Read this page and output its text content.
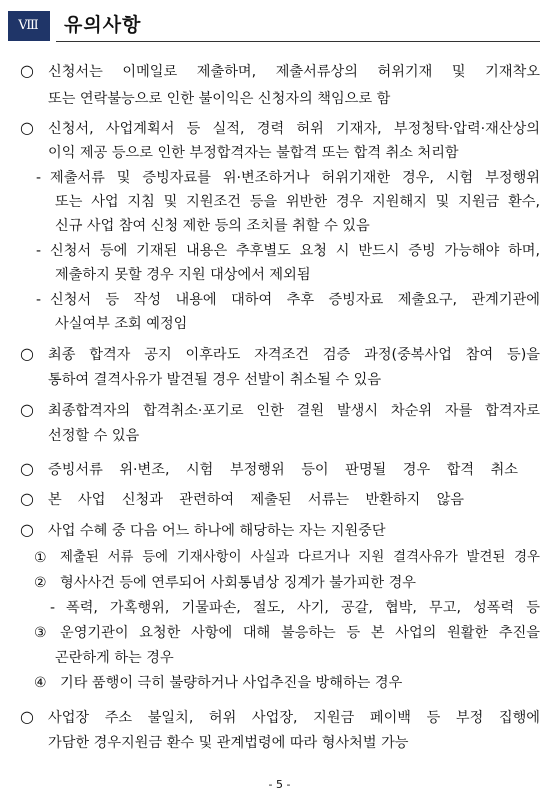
Ⅷ	유의사항
○ 신청서는 이메일로 제출하며, 제출서류상의 허위기재 및 기재착오
또는 연락불능으로 인한 불이익은 신청자의 책임으로 함
○ 신청서, 사업계획서 등 실적, 경력 허위 기재자, 부정청탁·압력·재산상의
이익 제공 등으로 인한 부정합격자는 불합격 또는 합격 취소 처리함
- 제출서류 및 증빙자료를 위·변조하거나 허위기재한 경우, 시험 부정행위
또는 사업 지침 및 지원조건 등을 위반한 경우 지원해지 및 지원금 환수,
신규 사업 참여 신청 제한 등의 조치를 취할 수 있음
- 신청서 등에 기재된 내용은 추후별도 요청 시 반드시 증빙 가능해야 하며,
제출하지 못할 경우 지원 대상에서 제외됨
- 신청서 등 작성 내용에 대하여 추후 증빙자료 제출요구, 관계기관에
사실여부 조회 예정임
○ 최종 합격자 공지 이후라도 자격조건 검증 과정(중복사업 참여 등)을
통하여 결격사유가 발견될 경우 선발이 취소될 수 있음
○ 최종합격자의 합격취소·포기로 인한 결원 발생시 차순위 자를 합격자로
선정할 수 있음
○ 증빙서류 위·변조, 시험 부정행위 등이 판명될 경우 합격 취소
○ 본 사업 신청과 관련하여 제출된 서류는 반환하지 않음
○ 사업 수혜 중 다음 어느 하나에 해당하는 자는 지원중단
① 제출된 서류 등에 기재사항이 사실과 다르거나 지원 결격사유가 발견된 경우
② 형사사건 등에 연루되어 사회통념상 징계가 불가피한 경우
- 폭력, 가혹행위, 기물파손, 절도, 사기, 공갈, 협박, 무고, 성폭력 등
③ 운영기관이 요청한 사항에 대해 불응하는 등 본 사업의 원활한 추진을
곤란하게 하는 경우
④ 기타 품행이 극히 불량하거나 사업추진을 방해하는 경우
○ 사업장 주소 불일치, 허위 사업장, 지원금 페이백 등 부정 집행에
가담한 경우지원금 환수 및 관계법령에 따라 형사처벌 가능
- 5 -
